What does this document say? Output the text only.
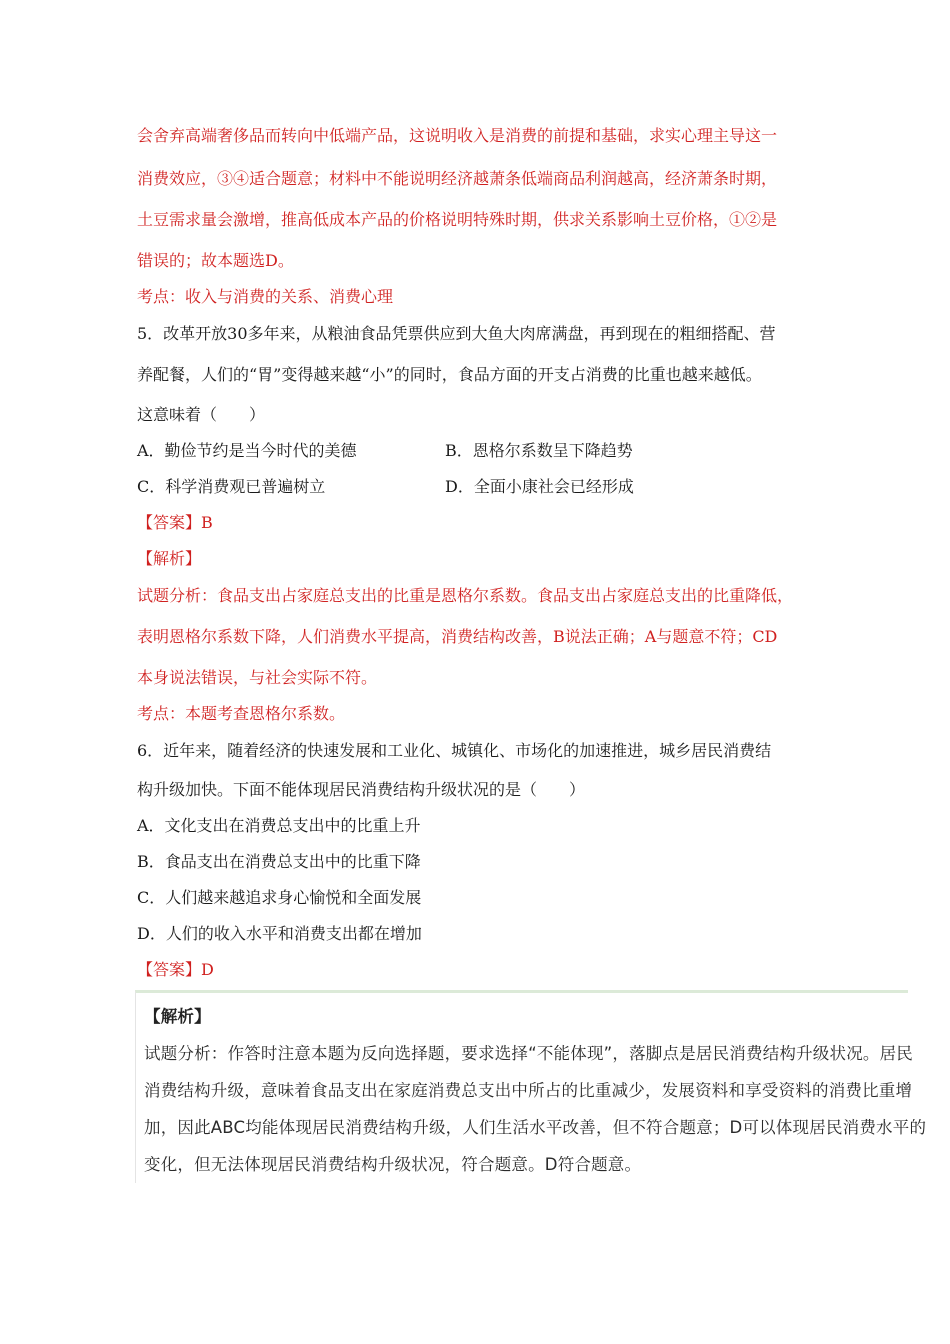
会舍弃高端奢侈品而转向中低端产品，这说明收入是消费的前提和基础，求实心理主导这一
消费效应，③④适合题意；材料中不能说明经济越萧条低端商品利润越高，经济萧条时期，
土豆需求量会激增，推高低成本产品的价格说明特殊时期，供求关系影响土豆价格，①②是
错误的；故本题选D。
考点：收入与消费的关系、消费心理
5．改革开放30多年来，从粮油食品凭票供应到大鱼大肉席满盘，再到现在的粗细搭配、营
养配餐，人们的“胃”变得越来越“小”的同时，食品方面的开支占消费的比重也越来越低。
这意味着（　　）
A．勤俭节约是当今时代的美德	B．恩格尔系数呈下降趋势
C．科学消费观已普遍树立	D．全面小康社会已经形成
【答案】B
【解析】
试题分析：食品支出占家庭总支出的比重是恩格尔系数。食品支出占家庭总支出的比重降低，
表明恩格尔系数下降，人们消费水平提高，消费结构改善，B说法正确；A与题意不符；CD
本身说法错误，与社会实际不符。
考点：本题考查恩格尔系数。
6．近年来，随着经济的快速发展和工业化、城镇化、市场化的加速推进，城乡居民消费结
构升级加快。下面不能体现居民消费结构升级状况的是（　　）
A．文化支出在消费总支出中的比重上升
B．食品支出在消费总支出中的比重下降
C．人们越来越追求身心愉悦和全面发展
D．人们的收入水平和消费支出都在增加
【答案】D
【解析】
试题分析：作答时注意本题为反向选择题，要求选择“不能体现”，落脚点是居民消费结构升级状况。居民
消费结构升级，意味着食品支出在家庭消费总支出中所占的比重减少，发展资料和享受资料的消费比重增
加，因此ABC均能体现居民消费结构升级，人们生活水平改善，但不符合题意；D可以体现居民消费水平的
变化，但无法体现居民消费结构升级状况，符合题意。D符合题意。
